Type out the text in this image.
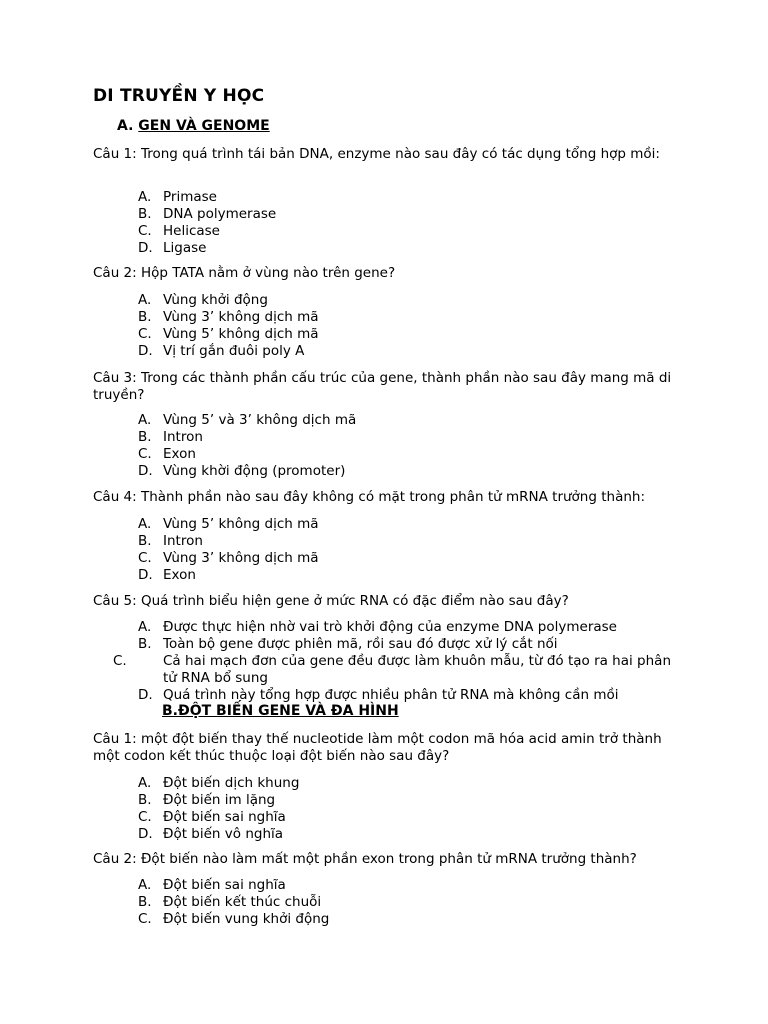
DI TRUYỀN Y HỌC
A. GEN VÀ GENOME
Câu 1: Trong quá trình tái bản DNA, enzyme nào sau đây có tác dụng tổng hợp mồi:
A. Primase
B. DNA polymerase
C. Helicase
D. Ligase
Câu 2: Hộp TATA nằm ở vùng nào trên gene?
A. Vùng khởi động
B. Vùng 3’ không dịch mã
C. Vùng 5’ không dịch mã
D. Vị trí gắn đuôi poly A
Câu 3: Trong các thành phần cấu trúc của gene, thành phần nào sau đây mang mã di truyền?
A. Vùng 5’ và 3’ không dịch mã
B. Intron
C. Exon
D. Vùng khời động (promoter)
Câu 4: Thành phần nào sau đây không có mặt trong phân tử mRNA trưởng thành:
A. Vùng 5’ không dịch mã
B. Intron
C. Vùng 3’ không dịch mã
D. Exon
Câu 5: Quá trình biểu hiện gene ở mức RNA có đặc điểm nào sau đây?
A. Được thực hiện nhờ vai trò khởi động của enzyme DNA polymerase
B. Toàn bộ gene được phiên mã, rồi sau đó được xử lý cắt nối
C.	Cả hai mạch đơn của gene đều được làm khuôn mẫu, từ đó tạo ra hai phân tử RNA bổ sung
D. Quá trình này tổng hợp được nhiều phân tử RNA mà không cần mồi
B.ĐỘT BIẾN GENE VÀ ĐA HÌNH
Câu 1: một đột biến thay thế nucleotide làm một codon mã hóa acid amin trở thành một codon kết thúc thuộc loại đột biến nào sau đây?
A. Đột biến dịch khung
B. Đột biến im lặng
C. Đột biến sai nghĩa
D. Đột biến vô nghĩa
Câu 2: Đột biến nào làm mất một phần exon trong phân tử mRNA trưởng thành?
A. Đột biến sai nghĩa
B. Đột biến kết thúc chuỗi
C. Đột biến vung khởi động
